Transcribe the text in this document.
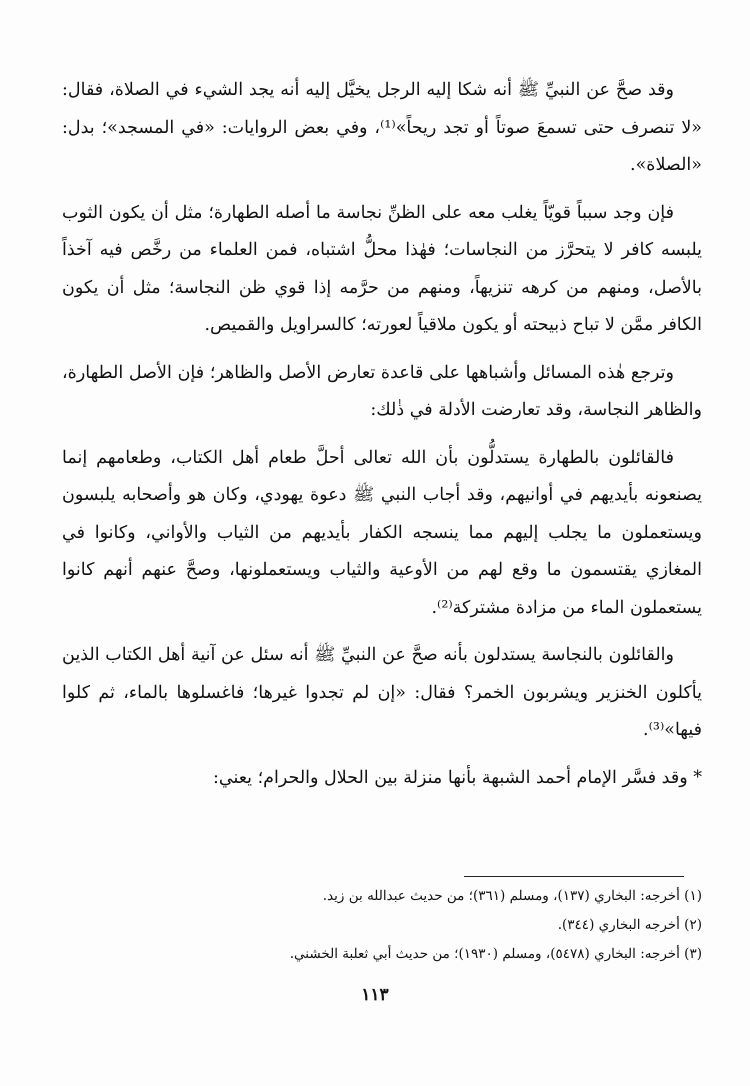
وقد صحَّ عن النبيِّ ﷺ أنه شكا إليه الرجل يخيَّل إليه أنه يجد الشيء في الصلاة، فقال: «لا تنصرف حتى تسمعَ صوتاً أو تجد ريحاً»⁽¹⁾، وفي بعض الروايات: «في المسجد»؛ بدل: «الصلاة».

فإن وجد سبباً قويّاً يغلب معه على الظنِّ نجاسة ما أصله الطهارة؛ مثل أن يكون الثوب يلبسه كافر لا يتحرَّز من النجاسات؛ فهٰذا محلُّ اشتباه، فمن العلماء من رخَّص فيه آخذاً بالأصل، ومنهم من كرهه تنزيهاً، ومنهم من حرَّمه إذا قوي ظن النجاسة؛ مثل أن يكون الكافر ممَّن لا تباح ذبيحته أو يكون ملاقياً لعورته؛ كالسراويل والقميص.

وترجع هٰذه المسائل وأشباهها على قاعدة تعارض الأصل والظاهر؛ فإن الأصل الطهارة، والظاهر النجاسة، وقد تعارضت الأدلة في ذٰلك:

فالقائلون بالطهارة يستدلُّون بأن الله تعالى أحلَّ طعام أهل الكتاب، وطعامهم إنما يصنعونه بأيديهم في أوانيهم، وقد أجاب النبي ﷺ دعوة يهودي، وكان هو وأصحابه يلبسون ويستعملون ما يجلب إليهم مما ينسجه الكفار بأيديهم من الثياب والأواني، وكانوا في المغازي يقتسمون ما وقع لهم من الأوعية والثياب ويستعملونها، وصحَّ عنهم أنهم كانوا يستعملون الماء من مزادة مشتركة⁽²⁾.

والقائلون بالنجاسة يستدلون بأنه صحَّ عن النبيِّ ﷺ أنه سئل عن آنية أهل الكتاب الذين يأكلون الخنزير ويشربون الخمر؟ فقال: «إن لم تجدوا غيرها؛ فاغسلوها بالماء، ثم كلوا فيها»⁽³⁾.

* وقد فسَّر الإمام أحمد الشبهة بأنها منزلة بين الحلال والحرام؛ يعني:

(١) أخرجه: البخاري (١٣٧)، ومسلم (٣٦١)؛ من حديث عبدالله بن زيد.
(٢) أخرجه البخاري (٣٤٤).
(٣) أخرجه: البخاري (٥٤٧٨)، ومسلم (١٩٣٠)؛ من حديث أبي ثعلبة الخشني.
١١٣
